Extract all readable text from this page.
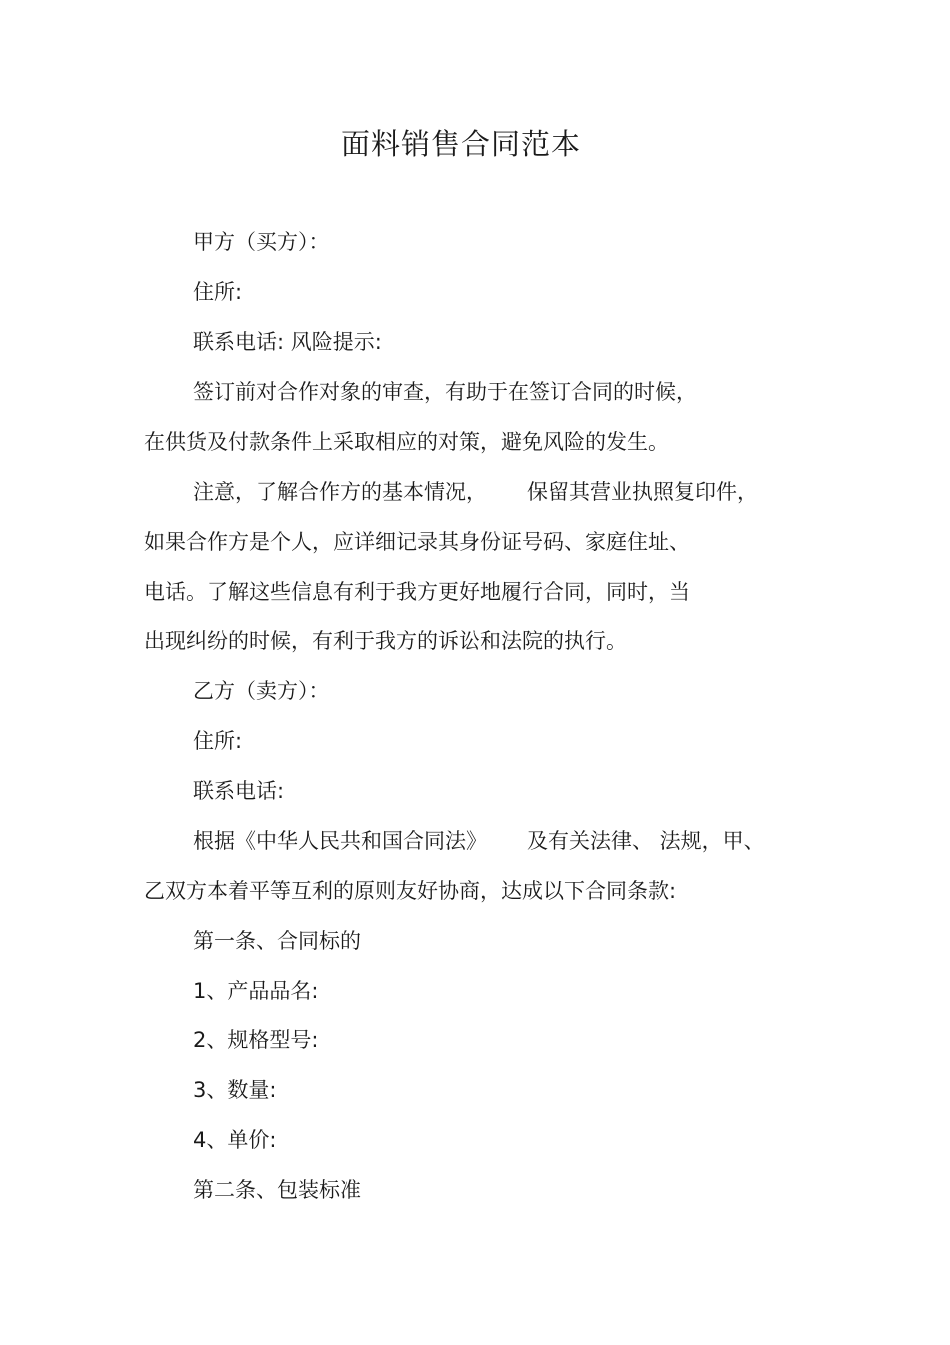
面料销售合同范本
甲方（买方）：
住所:
联系电话: 风险提示:
签订前对合作对象的审查，有助于在签订合同的时候，
在供货及付款条件上采取相应的对策，避免风险的发生。
注意，了解合作方的基本情况， 保留其营业执照复印件，
如果合作方是个人，应详细记录其身份证号码、家庭住址、
电话。了解这些信息有利于我方更好地履行合同，同时，当
出现纠纷的时候，有利于我方的诉讼和法院的执行。
乙方（卖方）：
住所:
联系电话:
根据《中华人民共和国合同法》 及有关法律、 法规，甲、
乙双方本着平等互利的原则友好协商，达成以下合同条款:
第一条、合同标的
1、产品品名:
2、规格型号:
3、数量:
4、单价:
第二条、包装标准
